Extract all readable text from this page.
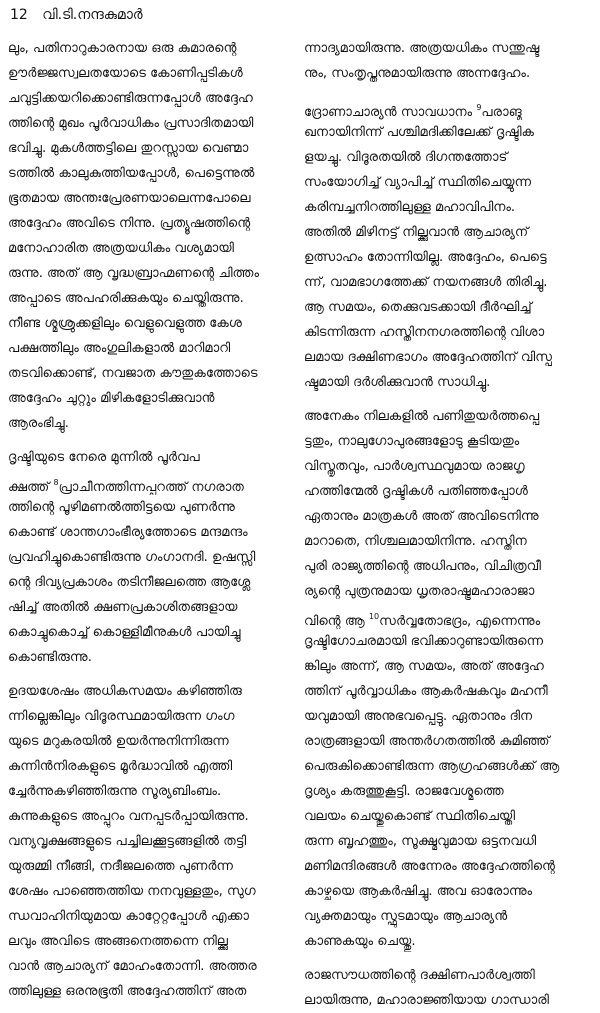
12 വി.ടി.നന്ദകുമാർ
ലും, പതിനാറുകാരനായ ഒരു കുമാരന്റെ
ഊർജ്ജസ്വലതയോടെ കോണിപ്പടികൾ
ചവുട്ടിക്കയറിക്കൊണ്ടിരുന്നപ്പോൾ അദ്ദേഹ
ത്തിന്റെ മുഖം പൂർവാധികം പ്രസാദിതമായി
ഭവിച്ചു. മുകൾത്തട്ടിലെ തുറസ്സായ വെണ്മാ
ടത്തിൽ കാലുകുത്തിയപ്പോൾ, പെട്ടെന്നുൽ
ഭൂതമായ അന്തഃപ്രേരണയാലെന്നപോലെ
അദ്ദേഹം അവിടെ നിന്നു. പ്രത്യൂഷത്തിന്റെ
മനോഹാരിത അത്രയധികം വശ്യമായി
രുന്നു. അത് ആ വൃദ്ധബ്രാഹ്മണന്റെ ചിത്തം
അപ്പാടെ അപഹരിക്കുകയും ചെയ്തിരുന്നു.
നീണ്ട ശ്മശ്രുക്കളിലും വെളുവെളുത്ത കേശ
പക്ഷത്തിലും അംഗുലികളാൽ മാറിമാറി
തടവിക്കൊണ്ട്, നവജാത കൗതുകത്തോടെ
അദ്ദേഹം ചുറ്റും മിഴികളോടിക്കുവാൻ
ആരംഭിച്ചു.
ദൃഷ്ടിയുടെ നേരെ മുന്നിൽ പൂർവപ
ക്ഷത്ത് $^8$പ്രാചീനത്തിന്നപ്പുറത്ത് നഗരാത
ത്തിന്റെ പൂഴിമണൽത്തിട്ടയെ പുണർന്നു
കൊണ്ട് ശാന്തഗാംഭീര്യത്തോടെ മന്ദമന്ദം
പ്രവഹിച്ചുകൊണ്ടിരുന്നു ഗംഗാനദി. ഉഷസ്സി
ന്റെ ദിവ്യപ്രകാശം തടിനീജലത്തെ ആശ്ലേ
ഷിച്ച് അതിൽ ക്ഷണപ്രകാശിതങ്ങളായ
കൊച്ചുകൊച്ച് കൊള്ളിമീനുകൾ പായിച്ചു
കൊണ്ടിരുന്നു.
ഉദയശേഷം അധികസമയം കഴിഞ്ഞിരു
ന്നില്ലെങ്കിലും വിദൂരസ്ഥമായിരുന്ന ഗംഗ
യുടെ മറുകരയിൽ ഉയർന്നുനിന്നിരുന്ന
കുന്നിൻനിരകളുടെ മൂർദ്ധാവിൽ എത്തി
ച്ചേർന്നുകഴിഞ്ഞിരുന്നു സൂര്യബിംബം.
കുന്നുകളുടെ അപ്പുറം വനപ്പടർപ്പായിരുന്നു.
വന്യവൃക്ഷങ്ങളുടെ പച്ചിലക്കൂട്ടങ്ങളിൽ തട്ടി
യുരുമ്മി നീങ്ങി, നദീജലത്തെ പുണർന്ന
ശേഷം പാഞ്ഞെത്തിയ നനവുള്ളതും, സുഗ
ന്ധവാഹിനിയുമായ കാറ്റേറ്റപ്പോൾ എക്കാ
ലവും അവിടെ അങ്ങനെത്തന്നെ നില്ക്കു
വാൻ ആചാര്യന് മോഹംതോന്നി. അത്തര
ത്തിലുള്ള ഒരനുഭൂതി അദ്ദേഹത്തിന് അത
ന്നാദ്യമായിരുന്നു. അത്രയധികം സന്തുഷ്ട
നും, സംതൃപ്തനുമായിരുന്നു അന്നദ്ദേഹം.
ദ്രോണാചാര്യൻ സാവധാനം $^9$പരാങ്മു
ഖനായിനിന്ന് പശ്ചിമദിക്കിലേക്ക് ദൃഷ്ടിക
ളയച്ചു. വിദൂരതയിൽ ദിഗന്തത്തോട്
സംയോഗിച്ച് വ്യാപിച്ച് സ്ഥിതിചെയ്യുന്ന
കരിമ്പച്ചനിറത്തിലുള്ള മഹാവിപിനം.
അതിൽ മിഴിനട്ട് നില്ക്കുവാൻ ആചാര്യന്
ഉത്സാഹം തോന്നിയില്ല. അദ്ദേഹം, പെട്ടെ
ന്ന്, വാമഭാഗത്തേക്ക് നയനങ്ങൾ തിരിച്ചു.
ആ സമയം, തെക്കുവടക്കായി ദീർഘിച്ച്
കിടന്നിരുന്ന ഹസ്തിനനഗരത്തിന്റെ വിശാ
ലമായ ദക്ഷിണഭാഗം അദ്ദേഹത്തിന് വിസ്പ
ഷ്ടമായി ദർശിക്കുവാൻ സാധിച്ചു.
അനേകം നിലകളിൽ പണിതുയർത്തപ്പെ
ട്ടതും, നാലുഗോപുരങ്ങളോടു കൂടിയതും
വിസ്തൃതവും, പാർശ്വസ്ഥവുമായ രാജഗൃ
ഹത്തിന്മേൽ ദൃഷ്ടികൾ പതിഞ്ഞപ്പോൾ
ഏതാനും മാത്രകൾ അത് അവിടെനിന്നു
മാറാതെ, നിശ്ചലമായിനിന്നു. ഹസ്തിന
പുരി രാജ്യത്തിന്റെ അധിപനും, വിചിത്രവീ
ര്യന്റെ പുത്രനുമായ ധൃതരാഷ്ട്രമഹാരാജാ
വിന്റെ ആ $^{10}$സർവ്വതോഭദ്രം, എന്നെന്നും
ദൃഷ്ടിഗോചരമായി ഭവിക്കാറുണ്ടായിരുന്നെ
ങ്കിലും അന്ന്, ആ സമയം, അത് അദ്ദേഹ
ത്തിന് പൂർവ്വാധികം ആകർഷകവും മഹനീ
യവുമായി അനുഭവപ്പെട്ടു. ഏതാനും ദിന
രാത്രങ്ങളായി അന്തർഗതത്തിൽ കുമിഞ്ഞ്
പെരുകിക്കൊണ്ടിരുന്ന ആഗ്രഹങ്ങൾക്ക് ആ
ദൃശ്യം കരുത്തുകൂട്ടി. രാജവേശ്മത്തെ
വലയം ചെയ്തുകൊണ്ട് സ്ഥിതിചെയ്തി
രുന്ന ബൃഹത്തും, സൂക്ഷ്മവുമായ ഒട്ടനവധി
മണിമന്ദിരങ്ങൾ അന്നേരം അദ്ദേഹത്തിന്റെ
കാഴ്ചയെ ആകർഷിച്ചു. അവ ഓരോന്നും
വ്യക്തമായും സ്ഫുടമായും ആചാര്യൻ
കാണുകയും ചെയ്തു.
രാജസൗധത്തിന്റെ ദക്ഷിണപാർശ്വത്തി
ലായിരുന്നു, മഹാരാജ്ഞിയായ ഗാന്ധാരി
